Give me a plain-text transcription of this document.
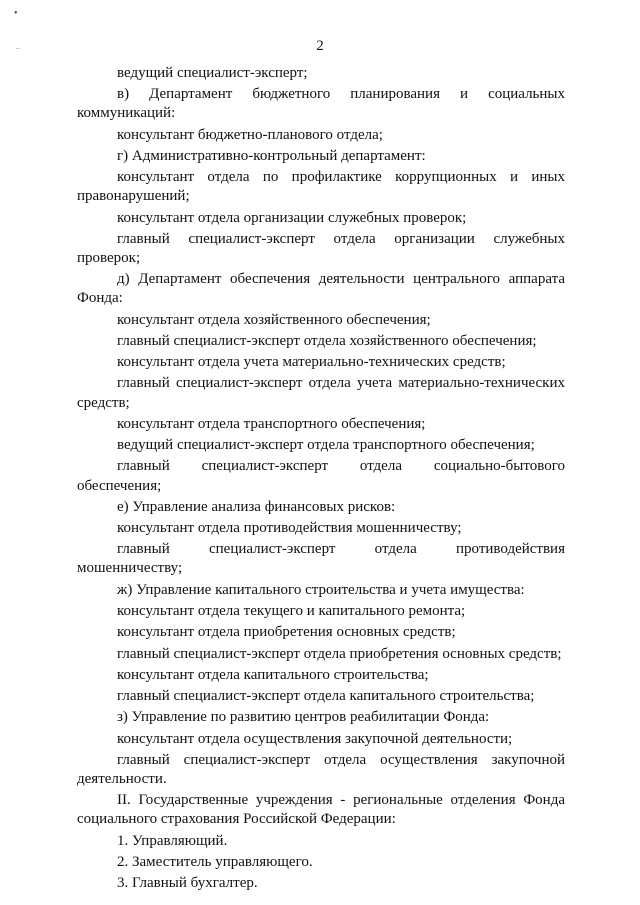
•
–	2

ведущий специалист-эксперт;

в) Департамент бюджетного планирования и социальных коммуникаций:

консультант бюджетно-планового отдела;

г) Административно-контрольный департамент:

консультант отдела по профилактике коррупционных и иных правонарушений;

консультант отдела организации служебных проверок;

главный специалист-эксперт отдела организации служебных проверок;

д) Департамент обеспечения деятельности центрального аппарата Фонда:

консультант отдела хозяйственного обеспечения;

главный специалист-эксперт отдела хозяйственного обеспечения;

консультант отдела учета материально-технических средств;

главный специалист-эксперт отдела учета материально-технических средств;

консультант отдела транспортного обеспечения;

ведущий специалист-эксперт отдела транспортного обеспечения;

главный специалист-эксперт отдела социально-бытового обеспечения;

е) Управление анализа финансовых рисков:

консультант отдела противодействия мошенничеству;

главный специалист-эксперт отдела противодействия мошенничеству;

ж) Управление капитального строительства и учета имущества:

консультант отдела текущего и капитального ремонта;

консультант отдела приобретения основных средств;

главный специалист-эксперт отдела приобретения основных средств;

консультант отдела капитального строительства;

главный специалист-эксперт отдела капитального строительства;

з) Управление по развитию центров реабилитации Фонда:

консультант отдела осуществления закупочной деятельности;

главный специалист-эксперт отдела осуществления закупочной деятельности.

II. Государственные учреждения - региональные отделения Фонда социального страхования Российской Федерации:

1. Управляющий.

2. Заместитель управляющего.

3. Главный бухгалтер.
